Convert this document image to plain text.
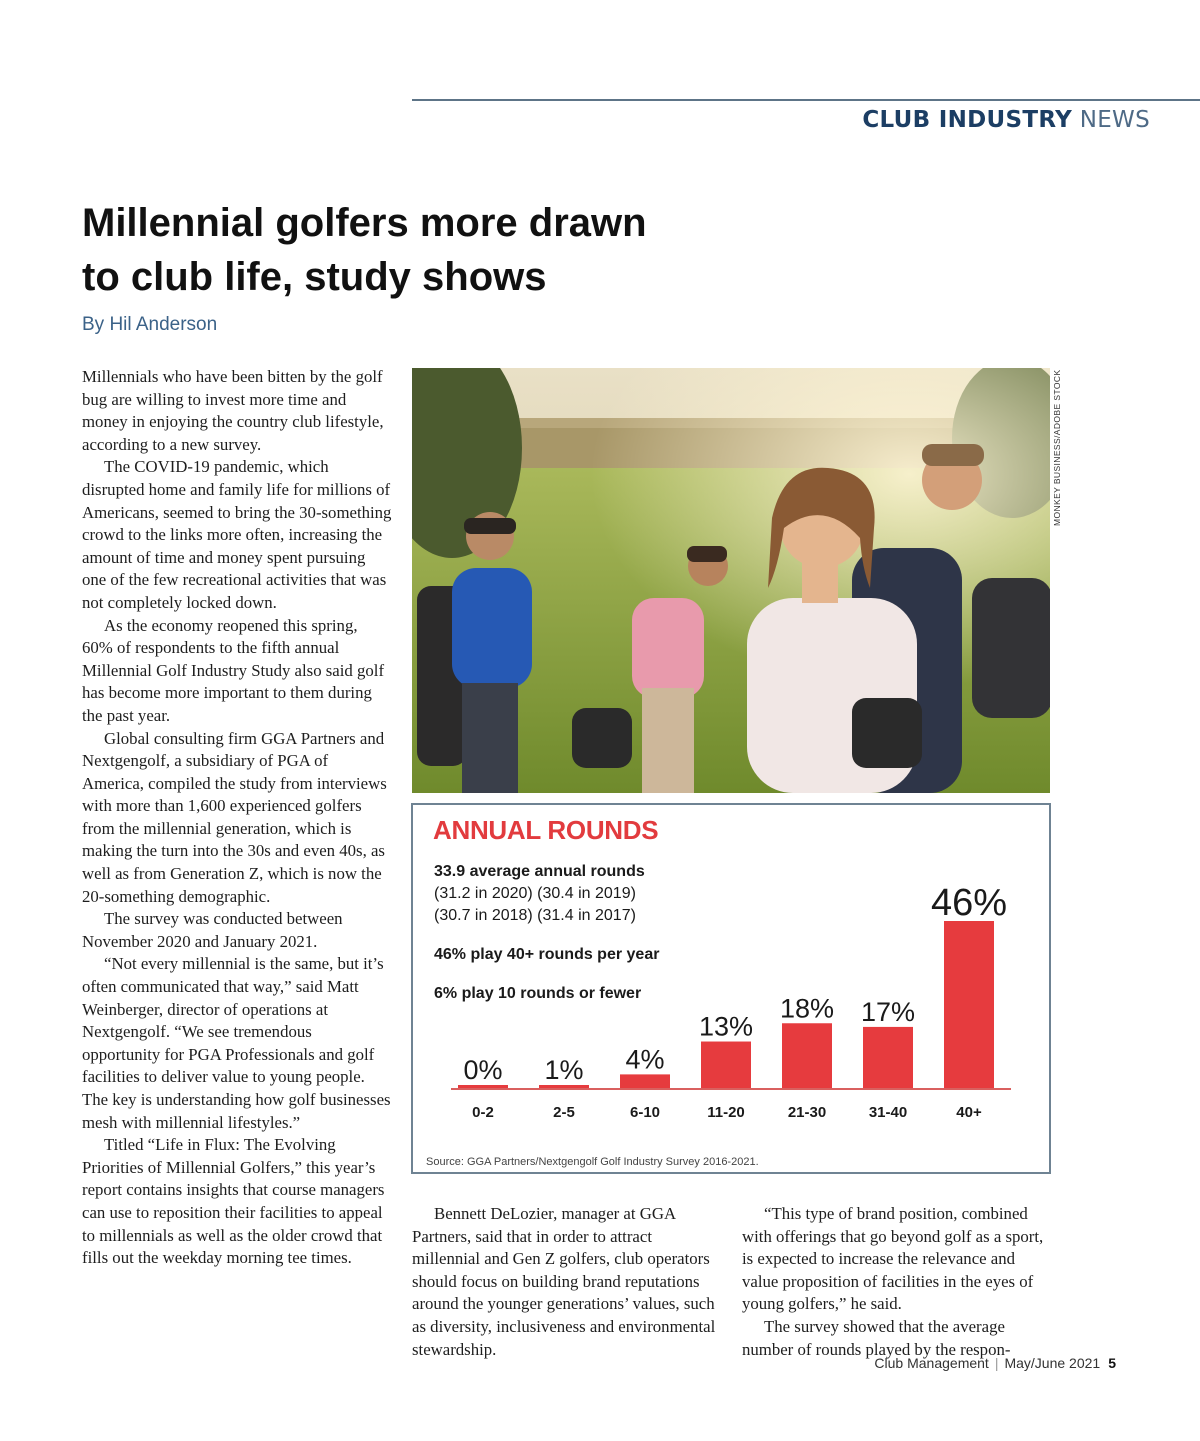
CLUB INDUSTRY NEWS
Millennial golfers more drawn
to club life, study shows
By Hil Anderson

Millennials who have been bitten by the golf bug are willing to invest more time and money in enjoying the country club lifestyle, according to a new survey.

The COVID-19 pandemic, which disrupted home and family life for millions of Americans, seemed to bring the 30-something crowd to the links more often, increasing the amount of time and money spent pursuing one of the few recreational activities that was not completely locked down.

As the economy reopened this spring, 60% of respondents to the fifth annual Millennial Golf Industry Study also said golf has become more important to them during the past year.

Global consulting firm GGA Partners and Nextgengolf, a subsidiary of PGA of America, compiled the study from interviews with more than 1,600 experienced golfers from the millennial generation, which is making the turn into the 30s and even 40s, as well as from Generation Z, which is now the 20-something demographic.

The survey was conducted between November 2020 and January 2021.

“Not every millennial is the same, but it’s often communicated that way,” said Matt Weinberger, director of operations at Nextgengolf. “We see tremendous opportunity for PGA Professionals and golf facilities to deliver value to young people. The key is understanding how golf businesses mesh with millennial lifestyles.”

Titled “Life in Flux: The Evolving Priorities of Millennial Golfers,” this year’s report contains insights that course managers can use to reposition their facilities to appeal to millennials as well as the older crowd that fills out the weekday morning tee times.

MONKEY BUSINESS/ADOBE STOCK
ANNUAL ROUNDS
33.9 average annual rounds
(31.2 in 2020) (30.4 in 2019)
(30.7 in 2018) (31.4 in 2017)
46% play 40+ rounds per year
6% play 10 rounds or fewer
0%
0-2
1%
2-5
4%
6-10
13%
11-20
18%
21-30
17%
31-40
46%
40+
Source: GGA Partners/Nextgengolf Golf Industry Survey 2016-2021.

Bennett DeLozier, manager at GGA Partners, said that in order to attract millennial and Gen Z golfers, club operators should focus on building brand reputations around the younger generations’ values, such as diversity, inclusiveness and environmental stewardship.

“This type of brand position, combined with offerings that go beyond golf as a sport, is expected to increase the relevance and value proposition of facilities in the eyes of young golfers,” he said.

The survey showed that the average number of rounds played by the respon-

Club Management | May/June 2021 5
